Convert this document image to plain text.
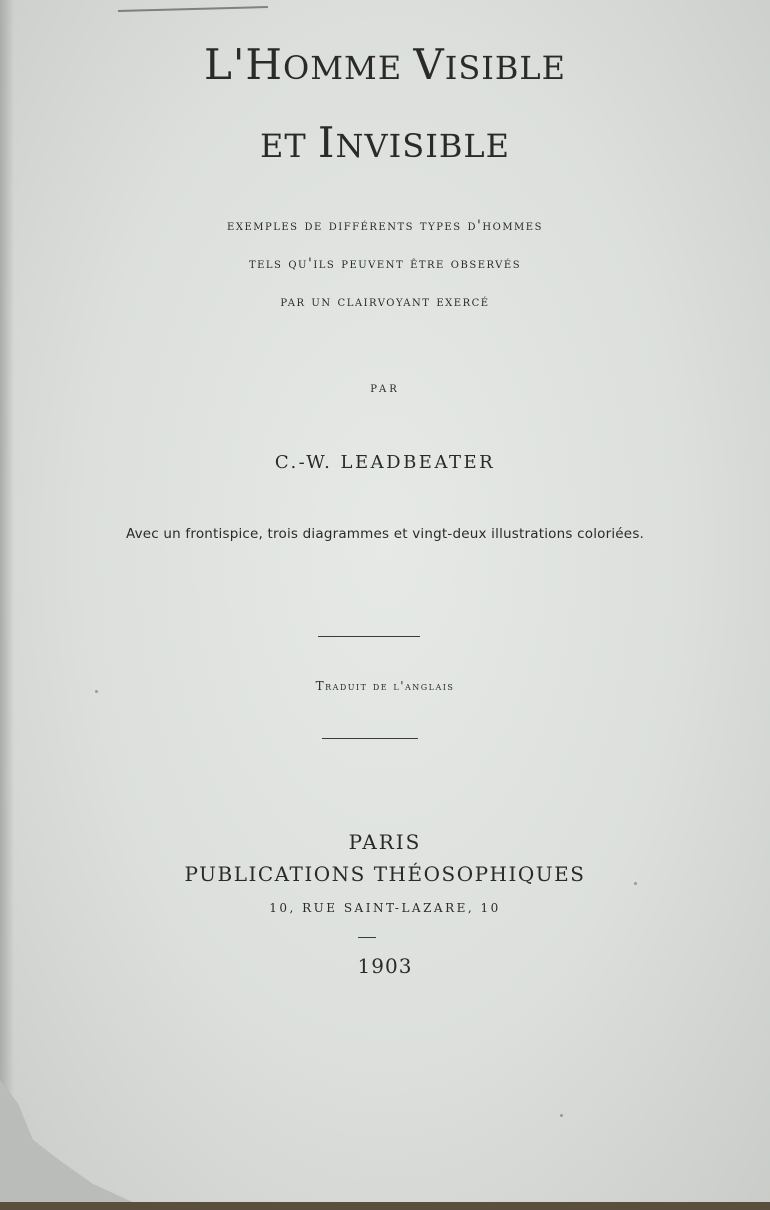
L'HOMME VISIBLE
ET INVISIBLE
exemples de différents types d'hommes
tels qu'ils peuvent être observés
par un clairvoyant exercé
PAR
C.-W. LEADBEATER
Avec un frontispice, trois diagrammes et vingt-deux illustrations coloriées.
Traduit de l'anglais
PARIS
PUBLICATIONS THÉOSOPHIQUES
10, RUE SAINT-LAZARE, 10
1903
